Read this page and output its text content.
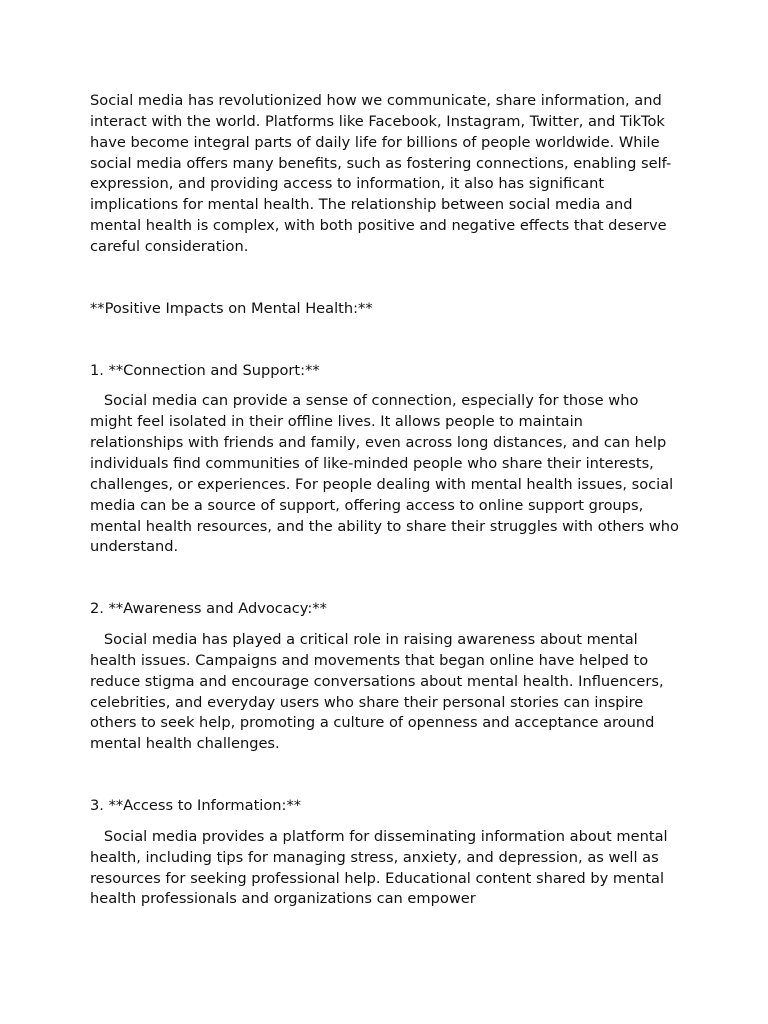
Social media has revolutionized how we communicate, share information, and interact with the world. Platforms like Facebook, Instagram, Twitter, and TikTok have become integral parts of daily life for billions of people worldwide. While social media offers many benefits, such as fostering connections, enabling self-expression, and providing access to information, it also has significant implications for mental health. The relationship between social media and mental health is complex, with both positive and negative effects that deserve careful consideration.

**Positive Impacts on Mental Health:**

1. **Connection and Support:**

Social media can provide a sense of connection, especially for those who might feel isolated in their offline lives. It allows people to maintain relationships with friends and family, even across long distances, and can help individuals find communities of like-minded people who share their interests, challenges, or experiences. For people dealing with mental health issues, social media can be a source of support, offering access to online support groups, mental health resources, and the ability to share their struggles with others who understand.

2. **Awareness and Advocacy:**

Social media has played a critical role in raising awareness about mental health issues. Campaigns and movements that began online have helped to reduce stigma and encourage conversations about mental health. Influencers, celebrities, and everyday users who share their personal stories can inspire others to seek help, promoting a culture of openness and acceptance around mental health challenges.

3. **Access to Information:**

Social media provides a platform for disseminating information about mental health, including tips for managing stress, anxiety, and depression, as well as resources for seeking professional help. Educational content shared by mental health professionals and organizations can empower
